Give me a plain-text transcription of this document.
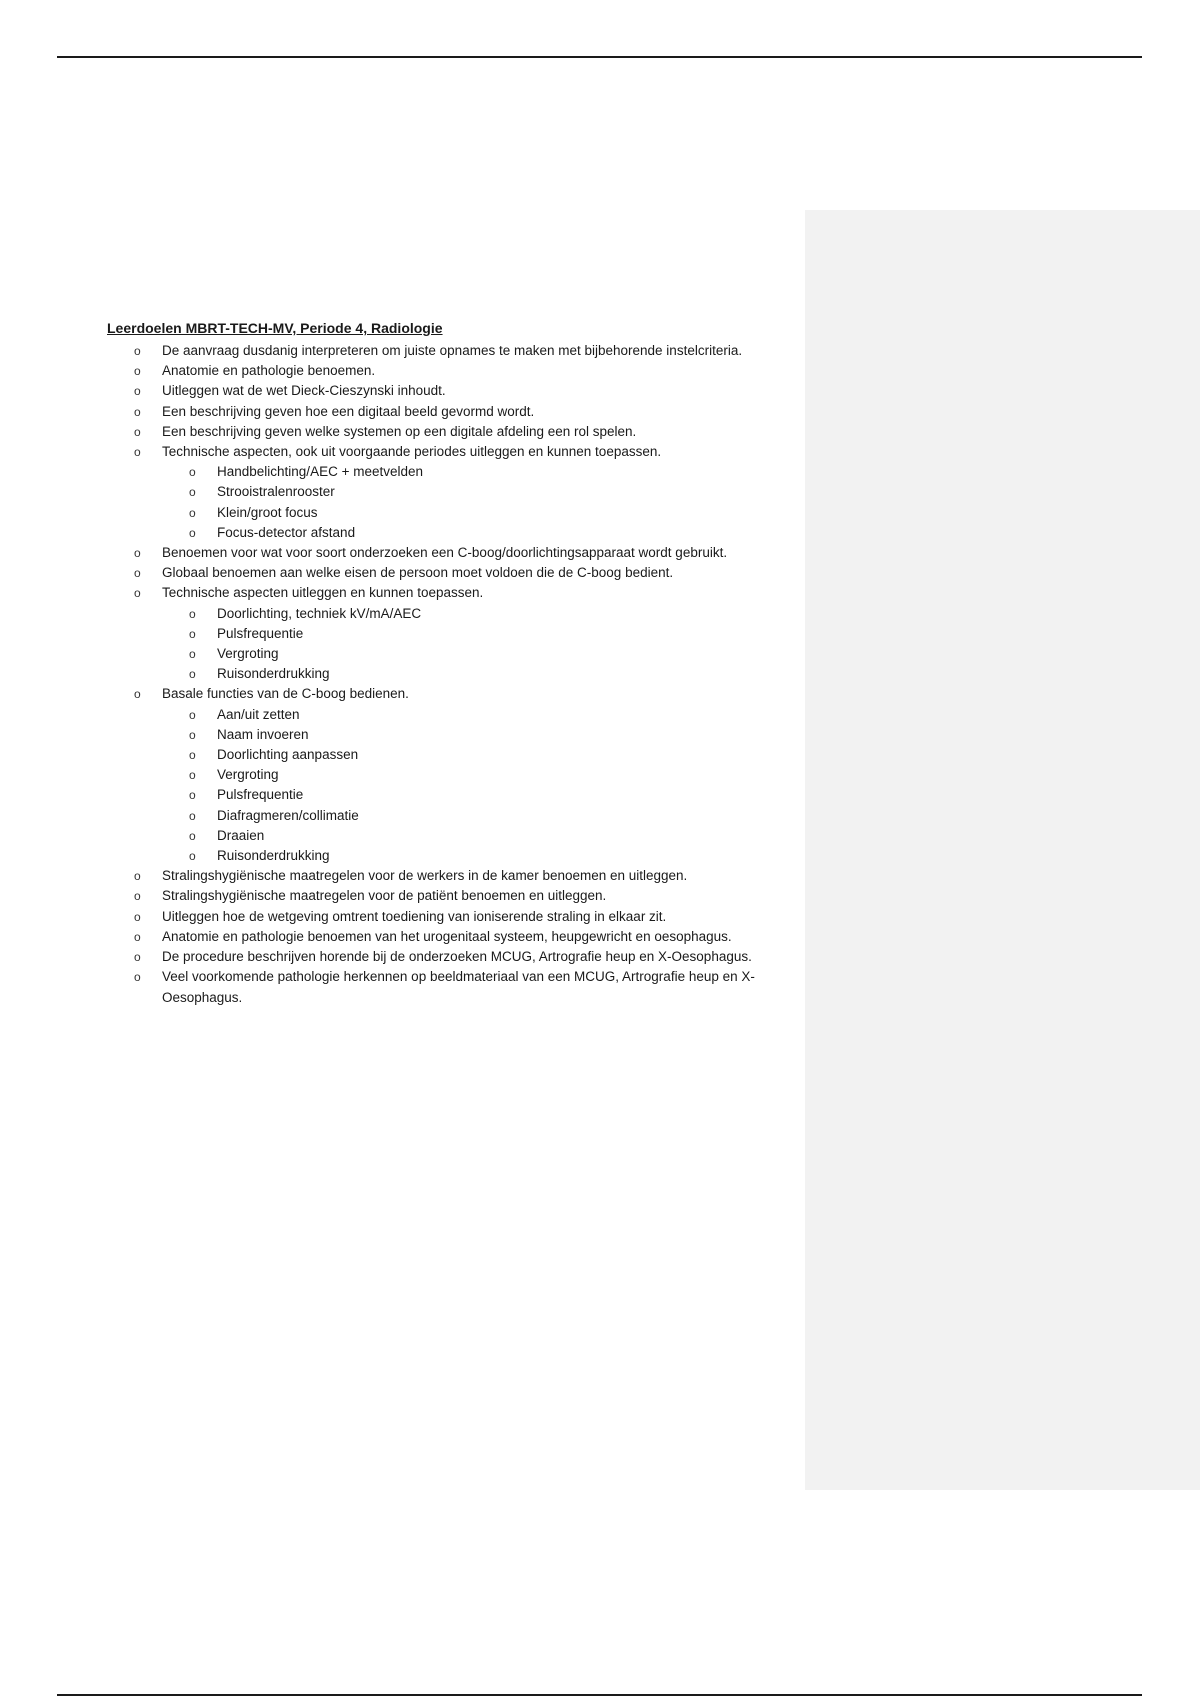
Leerdoelen MBRT-TECH-MV, Periode 4, Radiologie
o De aanvraag dusdanig interpreteren om juiste opnames te maken met bijbehorende instelcriteria.
o Anatomie en pathologie benoemen.
o Uitleggen wat de wet Dieck-Cieszynski inhoudt.
o Een beschrijving geven hoe een digitaal beeld gevormd wordt.
o Een beschrijving geven welke systemen op een digitale afdeling een rol spelen.
o Technische aspecten, ook uit voorgaande periodes uitleggen en kunnen toepassen.
o Handbelichting/AEC + meetvelden
o Strooistralenrooster
o Klein/groot focus
o Focus-detector afstand
o Benoemen voor wat voor soort onderzoeken een C-boog/doorlichtingsapparaat wordt gebruikt.
o Globaal benoemen aan welke eisen de persoon moet voldoen die de C-boog bedient.
o Technische aspecten uitleggen en kunnen toepassen.
o Doorlichting, techniek kV/mA/AEC
o Pulsfrequentie
o Vergroting
o Ruisonderdrukking
o Basale functies van de C-boog bedienen.
o Aan/uit zetten
o Naam invoeren
o Doorlichting aanpassen
o Vergroting
o Pulsfrequentie
o Diafragmeren/collimatie
o Draaien
o Ruisonderdrukking
o Stralingshygiënische maatregelen voor de werkers in de kamer benoemen en uitleggen.
o Stralingshygiënische maatregelen voor de patiënt benoemen en uitleggen.
o Uitleggen hoe de wetgeving omtrent toediening van ioniserende straling in elkaar zit.
o Anatomie en pathologie benoemen van het urogenitaal systeem, heupgewricht en oesophagus.
o De procedure beschrijven horende bij de onderzoeken MCUG, Artrografie heup en X-Oesophagus.
o Veel voorkomende pathologie herkennen op beeldmateriaal van een MCUG, Artrografie heup en X-Oesophagus.
